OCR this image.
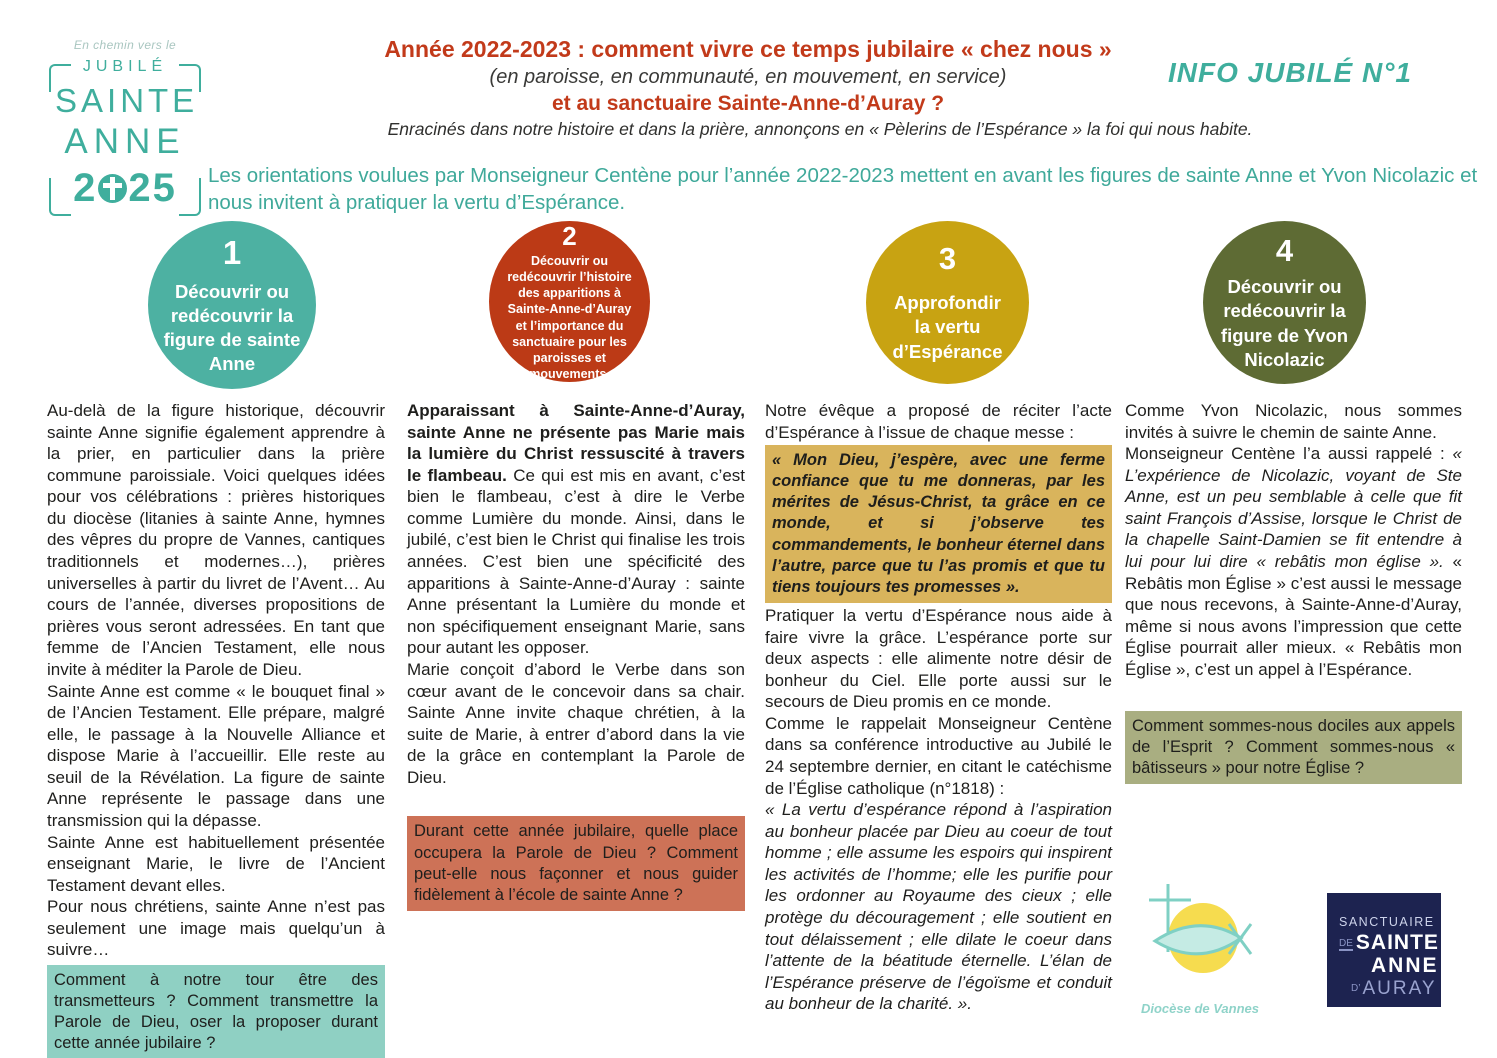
En chemin vers le
JUBILÉ
SAINTE
ANNE
2 25
Année 2022-2023 : comment vivre ce temps jubilaire « chez nous »
(en paroisse, en communauté, en mouvement, en service)
et au sanctuaire Sainte-Anne-d’Auray ?
Enracinés dans notre histoire et dans la prière, annonçons en « Pèlerins de l’Espérance » la foi qui nous habite.
INFO JUBILÉ N°1
Les orientations voulues par Monseigneur Centène pour l’année 2022-2023 mettent en avant les figures de sainte Anne et Yvon Nicolazic et nous invitent à pratiquer la vertu d’Espérance.
1
Découvrir ou redécouvrir la figure de sainte Anne
2
Découvrir ou redécouvrir l’histoire des apparitions à Sainte-Anne-d’Auray et l’importance du sanctuaire pour les paroisses et mouvements.
3
Approfondir la vertu d’Espérance
4
Découvrir ou redécouvrir la figure de Yvon Nicolazic

Au-delà de la figure historique, découvrir sainte Anne signifie également apprendre à la prier, en particulier dans la prière commune paroissiale. Voici quelques idées pour vos célébrations : prières historiques du diocèse (litanies à sainte Anne, hymnes des vêpres du propre de Vannes, cantiques traditionnels et modernes…), prières universelles à partir du livret de l’Avent… Au cours de l’année, diverses propositions de prières vous seront adressées. En tant que femme de l’Ancien Testament, elle nous invite à méditer la Parole de Dieu.

Sainte Anne est comme « le bouquet final » de l’Ancien Testament. Elle prépare, malgré elle, le passage à la Nouvelle Alliance et dispose Marie à l’accueillir. Elle reste au seuil de la Révélation. La figure de sainte Anne représente le passage dans une transmission qui la dépasse.

Sainte Anne est habituellement présentée enseignant Marie, le livre de l’Ancient Testament devant elles.

Pour nous chrétiens, sainte Anne n’est pas seulement une image mais quelqu’un à suivre…

Comment à notre tour être des transmetteurs ? Comment transmettre la Parole de Dieu, oser la proposer durant cette année jubilaire ?

Apparaissant à Sainte-Anne-d’Auray, sainte Anne ne présente pas Marie mais la lumière du Christ ressuscité à travers le flambeau. Ce qui est mis en avant, c’est bien le flambeau, c’est à dire le Verbe comme Lumière du monde. Ainsi, dans le jubilé, c’est bien le Christ qui finalise les trois années. C’est bien une spécificité des apparitions à Sainte-Anne-d’Auray : sainte Anne présentant la Lumière du monde et non spécifiquement enseignant Marie, sans pour autant les opposer.

Marie conçoit d’abord le Verbe dans son cœur avant de le concevoir dans sa chair. Sainte Anne invite chaque chrétien, à la suite de Marie, à entrer d’abord dans la vie de la grâce en contemplant la Parole de Dieu.

Durant cette année jubilaire, quelle place occupera la Parole de Dieu ? Comment peut-elle nous façonner et nous guider fidèlement à l’école de sainte Anne ?

Notre évêque a proposé de réciter l’acte d’Espérance à l’issue de chaque messe :

« Mon Dieu, j’espère, avec une ferme confiance que tu me donneras, par les mérites de Jésus-Christ, ta grâce en ce monde, et si j’observe tes commandements, le bonheur éternel dans l’autre, parce que tu l’as promis et que tu tiens toujours tes promesses ».

Pratiquer la vertu d’Espérance nous aide à faire vivre la grâce. L’espérance porte sur deux aspects : elle alimente notre désir de bonheur du Ciel. Elle porte aussi sur le secours de Dieu promis en ce monde.

Comme le rappelait Monseigneur Centène dans sa conférence introductive au Jubilé le 24 septembre dernier, en citant le catéchisme de l’Église catholique (n°1818) :

« La vertu d’espérance répond à l’aspiration au bonheur placée par Dieu au coeur de tout homme ; elle assume les espoirs qui inspirent les activités de l’homme; elle les purifie pour les ordonner au Royaume des cieux ; elle protège du découragement ; elle soutient en tout délaissement ; elle dilate le coeur dans l’attente de la béatitude éternelle. L’élan de l’Espérance préserve de l’égoïsme et conduit au bonheur de la charité. ».

Comme Yvon Nicolazic, nous sommes invités à suivre le chemin de sainte Anne.

Monseigneur Centène l’a aussi rappelé : « L’expérience de Nicolazic, voyant de Ste Anne, est un peu semblable à celle que fit saint François d’Assise, lorsque le Christ de la chapelle Saint-Damien se fit entendre à lui pour lui dire « rebâtis mon église ». « Rebâtis mon Église » c’est aussi le message que nous recevons, à Sainte-Anne-d’Auray, même si nous avons l’impression que cette Église pourrait aller mieux. « Rebâtis mon Église », c’est un appel à l’Espérance.

Comment sommes-nous dociles aux appels de l’Esprit ? Comment sommes-nous « bâtisseurs » pour notre Église ?
Diocèse de Vannes
SANCTUAIRE
DE SAINTE
ANNE
D’ AURAY
